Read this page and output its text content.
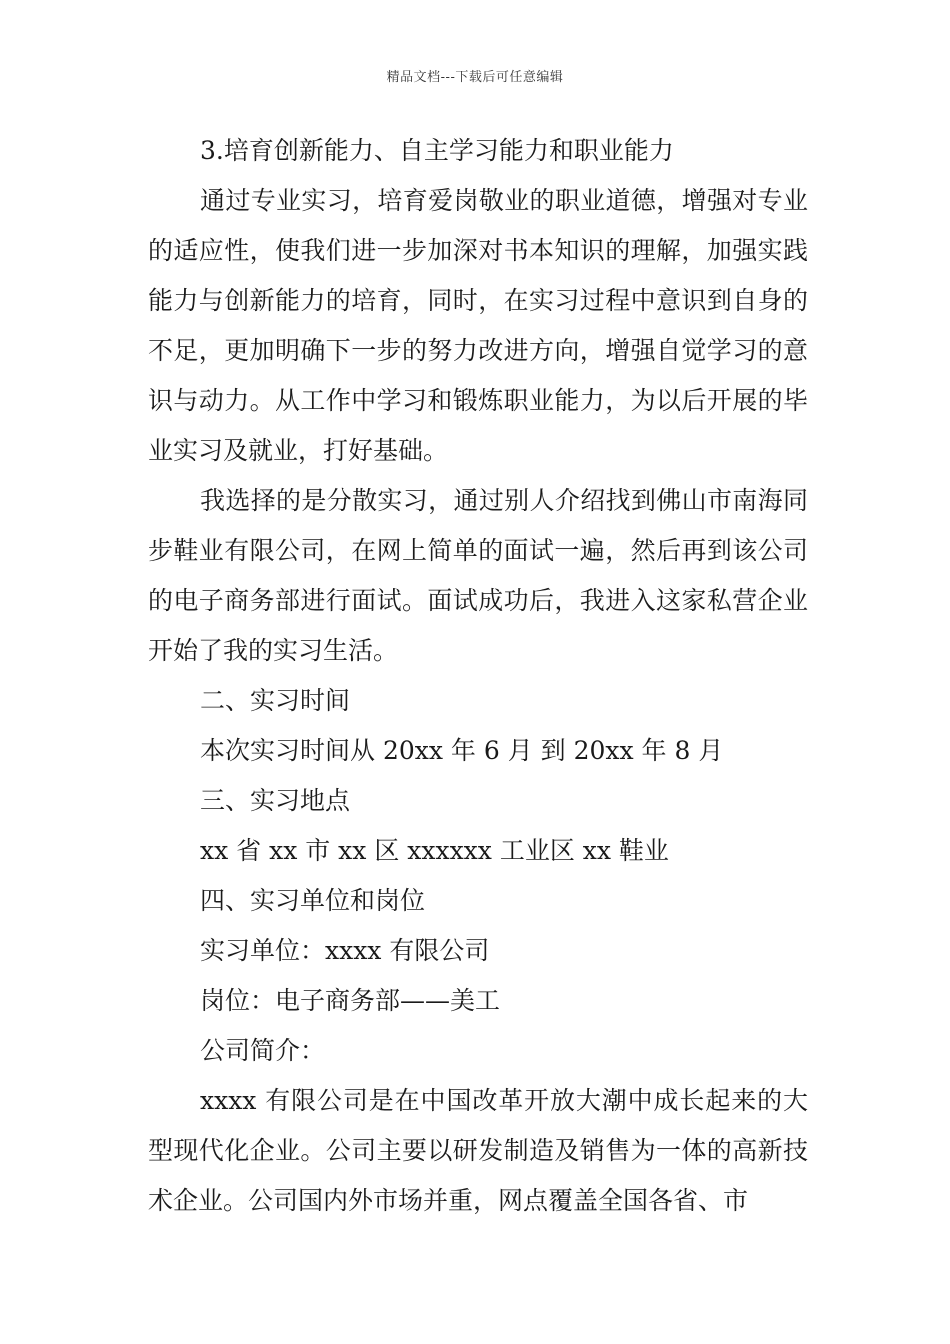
精品文档---下载后可任意编辑

3.培育创新能力、自主学习能力和职业能力

通过专业实习，培育爱岗敬业的职业道德，增强对专业的适应性，使我们进一步加深对书本知识的理解，加强实践能力与创新能力的培育，同时，在实习过程中意识到自身的不足，更加明确下一步的努力改进方向，增强自觉学习的意识与动力。从工作中学习和锻炼职业能力，为以后开展的毕业实习及就业，打好基础。

我选择的是分散实习，通过别人介绍找到佛山市南海同步鞋业有限公司，在网上简单的面试一遍，然后再到该公司的电子商务部进行面试。面试成功后，我进入这家私营企业开始了我的实习生活。

二、实习时间

本次实习时间从 20xx 年 6 月 到 20xx 年 8 月

三、实习地点

xx 省 xx 市 xx 区 xxxxxx 工业区 xx 鞋业

四、实习单位和岗位

实习单位：xxxx 有限公司

岗位：电子商务部——美工

公司简介：

xxxx 有限公司是在中国改革开放大潮中成长起来的大型现代化企业。公司主要以研发制造及销售为一体的高新技术企业。公司国内外市场并重，网点覆盖全国各省、市
